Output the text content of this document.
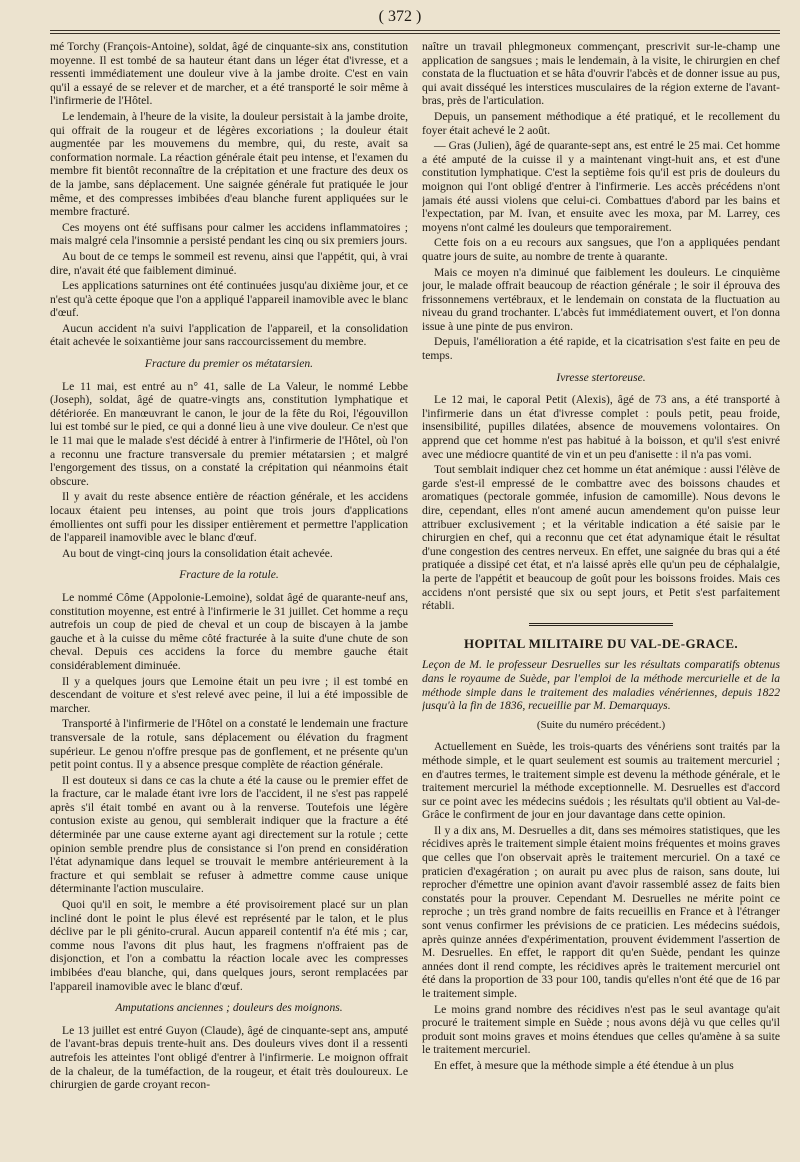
( 372 )

mé Torchy (François-Antoine), soldat, âgé de cinquante-six ans, constitution moyenne. Il est tombé de sa hauteur étant dans un léger état d'ivresse, et a ressenti immédiatement une douleur vive à la jambe droite. C'est en vain qu'il a essayé de se relever et de marcher, et a été transporté le soir même à l'infirmerie de l'Hôtel.

Le lendemain, à l'heure de la visite, la douleur persistait à la jambe droite, qui offrait de la rougeur et de légères excoriations ; la douleur était augmentée par les mouvemens du membre, qui, du reste, avait sa conformation normale. La réaction générale était peu intense, et l'examen du membre fit bientôt reconnaître de la crépitation et une fracture des deux os de la jambe, sans déplacement. Une saignée générale fut pratiquée le jour même, et des compresses imbibées d'eau blanche furent appliquées sur le membre fracturé.

Ces moyens ont été suffisans pour calmer les accidens inflammatoires ; mais malgré cela l'insomnie a persisté pendant les cinq ou six premiers jours.

Au bout de ce temps le sommeil est revenu, ainsi que l'appétit, qui, à vrai dire, n'avait été que faiblement diminué.

Les applications saturnines ont été continuées jusqu'au dixième jour, et ce n'est qu'à cette époque que l'on a appliqué l'appareil inamovible avec le blanc d'œuf.

Aucun accident n'a suivi l'application de l'appareil, et la consolidation était achevée le soixantième jour sans raccourcissement du membre.

Fracture du premier os métatarsien.

Le 11 mai, est entré au n° 41, salle de La Valeur, le nommé Lebbe (Joseph), soldat, âgé de quatre-vingts ans, constitution lymphatique et détériorée. En manœuvrant le canon, le jour de la fête du Roi, l'égouvillon lui est tombé sur le pied, ce qui a donné lieu à une vive douleur. Ce n'est que le 11 mai que le malade s'est décidé à entrer à l'infirmerie de l'Hôtel, où l'on a reconnu une fracture transversale du premier métatarsien ; et malgré l'engorgement des tissus, on a constaté la crépitation qui néanmoins était obscure.

Il y avait du reste absence entière de réaction générale, et les accidens locaux étaient peu intenses, au point que trois jours d'applications émollientes ont suffi pour les dissiper entièrement et permettre l'application de l'appareil inamovible avec le blanc d'œuf.

Au bout de vingt-cinq jours la consolidation était achevée.

Fracture de la rotule.

Le nommé Côme (Appolonie-Lemoine), soldat âgé de quarante-neuf ans, constitution moyenne, est entré à l'infirmerie le 31 juillet. Cet homme a reçu autrefois un coup de pied de cheval et un coup de biscayen à la jambe gauche et à la cuisse du même côté fracturée à la suite d'une chute de son cheval. Depuis ces accidens la force du membre gauche était considérablement diminuée.

Il y a quelques jours que Lemoine était un peu ivre ; il est tombé en descendant de voiture et s'est relevé avec peine, il lui a été impossible de marcher.

Transporté à l'infirmerie de l'Hôtel on a constaté le lendemain une fracture transversale de la rotule, sans déplacement ou élévation du fragment supérieur. Le genou n'offre presque pas de gonflement, et ne présente qu'un petit point contus. Il y a absence presque complète de réaction générale.

Il est douteux si dans ce cas la chute a été la cause ou le premier effet de la fracture, car le malade étant ivre lors de l'accident, il ne s'est pas rappelé après s'il était tombé en avant ou à la renverse. Toutefois une légère contusion existe au genou, qui semblerait indiquer que la fracture a été déterminée par une cause externe ayant agi directement sur la rotule ; cette opinion semble prendre plus de consistance si l'on prend en considération l'état adynamique dans lequel se trouvait le membre antérieurement à la fracture et qui semblait se refuser à admettre comme cause unique déterminante l'action musculaire.

Quoi qu'il en soit, le membre a été provisoirement placé sur un plan incliné dont le point le plus élevé est représenté par le talon, et le plus déclive par le pli génito-crural. Aucun appareil contentif n'a été mis ; car, comme nous l'avons dit plus haut, les fragmens n'offraient pas de disjonction, et l'on a combattu la réaction locale avec les compresses imbibées d'eau blanche, qui, dans quelques jours, seront remplacées par l'appareil inamovible avec le blanc d'œuf.

Amputations anciennes ; douleurs des moignons.

Le 13 juillet est entré Guyon (Claude), âgé de cinquante-sept ans, amputé de l'avant-bras depuis trente-huit ans. Des douleurs vives dont il a ressenti autrefois les atteintes l'ont obligé d'entrer à l'infirmerie. Le moignon offrait de la chaleur, de la tuméfaction, de la rougeur, et était très douloureux. Le chirurgien de garde croyant recon-

naître un travail phlegmoneux commençant, prescrivit sur-le-champ une application de sangsues ; mais le lendemain, à la visite, le chirurgien en chef constata de la fluctuation et se hâta d'ouvrir l'abcès et de donner issue au pus, qui avait disséqué les interstices musculaires de la région externe de l'avant-bras, près de l'articulation.

Depuis, un pansement méthodique a été pratiqué, et le recollement du foyer était achevé le 2 août.

— Gras (Julien), âgé de quarante-sept ans, est entré le 25 mai. Cet homme a été amputé de la cuisse il y a maintenant vingt-huit ans, et est d'une constitution lymphatique. C'est la septième fois qu'il est pris de douleurs du moignon qui l'ont obligé d'entrer à l'infirmerie. Les accès précédens n'ont jamais été aussi violens que celui-ci. Combattues d'abord par les bains et l'expectation, par M. Ivan, et ensuite avec les moxa, par M. Larrey, ces moyens n'ont calmé les douleurs que temporairement.

Cette fois on a eu recours aux sangsues, que l'on a appliquées pendant quatre jours de suite, au nombre de trente à quarante.

Mais ce moyen n'a diminué que faiblement les douleurs. Le cinquième jour, le malade offrait beaucoup de réaction générale ; le soir il éprouva des frissonnemens vertébraux, et le lendemain on constata de la fluctuation au niveau du grand trochanter. L'abcès fut immédiatement ouvert, et l'on donna issue à une pinte de pus environ.

Depuis, l'amélioration a été rapide, et la cicatrisation s'est faite en peu de temps.

Ivresse stertoreuse.

Le 12 mai, le caporal Petit (Alexis), âgé de 73 ans, a été transporté à l'infirmerie dans un état d'ivresse complet : pouls petit, peau froide, insensibilité, pupilles dilatées, absence de mouvemens volontaires. On apprend que cet homme n'est pas habitué à la boisson, et qu'il s'est enivré avec une médiocre quantité de vin et un peu d'anisette : il n'a pas vomi.

Tout semblait indiquer chez cet homme un état anémique : aussi l'élève de garde s'est-il empressé de le combattre avec des boissons chaudes et aromatiques (pectorale gommée, infusion de camomille). Nous devons le dire, cependant, elles n'ont amené aucun amendement qu'on puisse leur attribuer exclusivement ; et la véritable indication a été saisie par le chirurgien en chef, qui a reconnu que cet état adynamique était le résultat d'une congestion des centres nerveux. En effet, une saignée du bras qui a été pratiquée a dissipé cet état, et n'a laissé après elle qu'un peu de céphalalgie, la perte de l'appétit et beaucoup de goût pour les boissons froides. Mais ces accidens n'ont persisté que six ou sept jours, et Petit s'est parfaitement rétabli.

HOPITAL MILITAIRE DU VAL-DE-GRACE.
Leçon de M. le professeur Desruelles sur les résultats comparatifs obtenus dans le royaume de Suède, par l'emploi de la méthode mercurielle et de la méthode simple dans le traitement des maladies vénériennes, depuis 1822 jusqu'à la fin de 1836, recueillie par M. Demarquays.
(Suite du numéro précédent.)

Actuellement en Suède, les trois-quarts des vénériens sont traités par la méthode simple, et le quart seulement est soumis au traitement mercuriel ; en d'autres termes, le traitement simple est devenu la méthode générale, et le traitement mercuriel la méthode exceptionnelle. M. Desruelles est d'accord sur ce point avec les médecins suédois ; les résultats qu'il obtient au Val-de-Grâce le confirment de jour en jour davantage dans cette opinion.

Il y a dix ans, M. Desruelles a dit, dans ses mémoires statistiques, que les récidives après le traitement simple étaient moins fréquentes et moins graves que celles que l'on observait après le traitement mercuriel. On a taxé ce praticien d'exagération ; on aurait pu avec plus de raison, sans doute, lui reprocher d'émettre une opinion avant d'avoir rassemblé assez de faits bien constatés pour la prouver. Cependant M. Desruelles ne mérite point ce reproche ; un très grand nombre de faits recueillis en France et à l'étranger sont venus confirmer les prévisions de ce praticien. Les médecins suédois, après quinze années d'expérimentation, prouvent évidemment l'assertion de M. Desruelles. En effet, le rapport dit qu'en Suède, pendant les quinze années dont il rend compte, les récidives après le traitement mercuriel ont été dans la proportion de 33 pour 100, tandis qu'elles n'ont été que de 16 par le traitement simple.

Le moins grand nombre des récidives n'est pas le seul avantage qu'ait procuré le traitement simple en Suède ; nous avons déjà vu que celles qu'il produit sont moins graves et moins étendues que celles qu'amène à sa suite le traitement mercuriel.

En effet, à mesure que la méthode simple a été étendue à un plus
